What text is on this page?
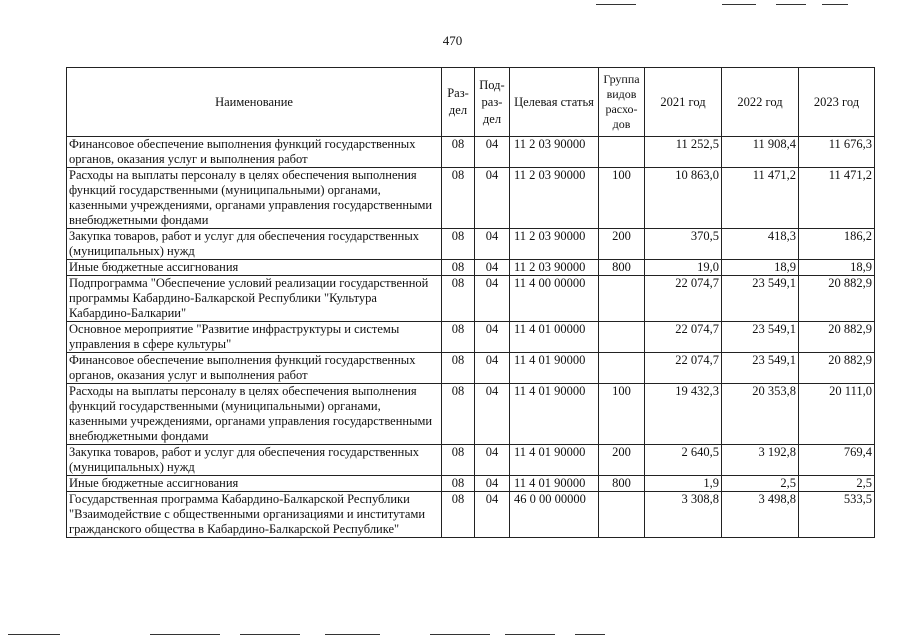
470
Наименование	Раз-дел	Под-раз-дел	Целевая статья	Группа видов расхо-дов	2021 год	2022 год	2023 год
Финансовое обеспечение выполнения функций государственных органов, оказания услуг и выполнения работ	08	04	11 2 03 90000		11 252,5	11 908,4	11 676,3
Расходы на выплаты персоналу в целях обеспечения выполнения функций государственными (муниципальными) органами, казенными учреждениями, органами управления государственными внебюджетными фондами	08	04	11 2 03 90000	100	10 863,0	11 471,2	11 471,2
Закупка товаров, работ и услуг для обеспечения государственных (муниципальных) нужд	08	04	11 2 03 90000	200	370,5	418,3	186,2
Иные бюджетные ассигнования	08	04	11 2 03 90000	800	19,0	18,9	18,9
Подпрограмма "Обеспечение условий реализации государственной программы Кабардино-Балкарской Республики "Культура Кабардино-Балкарии"	08	04	11 4 00 00000		22 074,7	23 549,1	20 882,9
Основное мероприятие "Развитие инфраструктуры и системы управления в сфере культуры"	08	04	11 4 01 00000		22 074,7	23 549,1	20 882,9
Финансовое обеспечение выполнения функций государственных органов, оказания услуг и выполнения работ	08	04	11 4 01 90000		22 074,7	23 549,1	20 882,9
Расходы на выплаты персоналу в целях обеспечения выполнения функций государственными (муниципальными) органами, казенными учреждениями, органами управления государственными внебюджетными фондами	08	04	11 4 01 90000	100	19 432,3	20 353,8	20 111,0
Закупка товаров, работ и услуг для обеспечения государственных (муниципальных) нужд	08	04	11 4 01 90000	200	2 640,5	3 192,8	769,4
Иные бюджетные ассигнования	08	04	11 4 01 90000	800	1,9	2,5	2,5
Государственная программа Кабардино-Балкарской Республики "Взаимодействие с общественными организациями и институтами гражданского общества в Кабардино-Балкарской Республике"	08	04	46 0 00 00000		3 308,8	3 498,8	533,5
